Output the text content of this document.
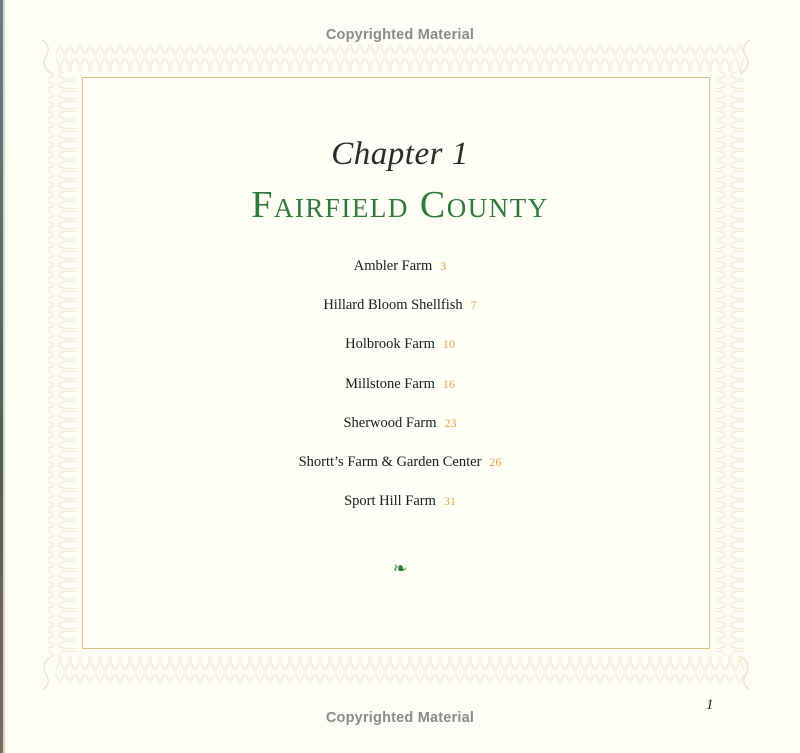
Copyrighted Material
Chapter 1
Fairfield County
Ambler Farm 3
Hillard Bloom Shellfish 7
Holbrook Farm 10
Millstone Farm 16
Sherwood Farm 23
Shortt’s Farm & Garden Center 26
Sport Hill Farm 31
❧
Copyrighted Material
1
